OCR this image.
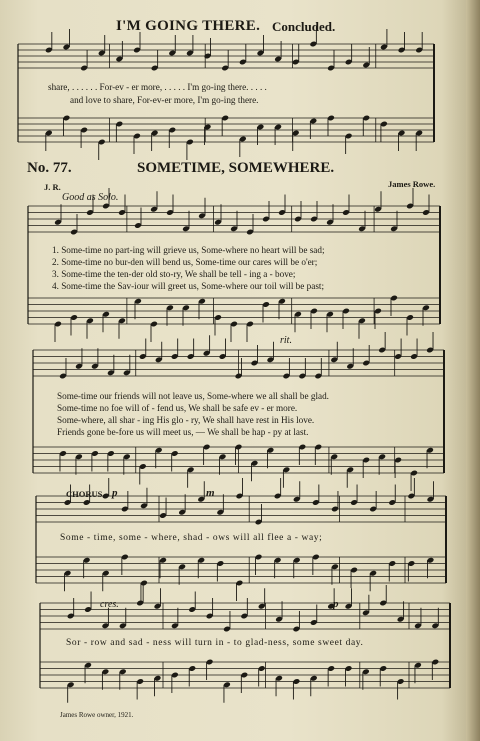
I'M GOING THERE. Concluded.
share, . . . . . . For-ev - er more, . . . . . I'm go-ing there. . . . .
and love to share, For-ev-er more, I'm go-ing there.
No. 77.	SOMETIME, SOMEWHERE.
J. R.	James Rowe.
Good as Solo.
1. Some-time no part-ing will grieve us, Some-where no heart will be sad;
2. Some-time no bur-den will bend us, Some-time our cares will be o'er;
3. Some-time the ten-der old sto-ry, We shall be tell - ing a - bove;
4. Some-time the Sav-iour will greet us, Some-where our toil will be past;
rit.
Some-time our friends will not leave us, Some-where we all shall be glad.
Some-time no foe will of - fend us, We shall be safe ev - er more.
Some-where, all shar - ing His glo - ry, We shall have rest in His love.
Friends gone be-fore us will meet us, — We shall be hap - py at last.
CHORUS. p	m
Some - time, some - where, shad - ows will all flee a - way;
cres.	p
Sor - row and sad - ness will turn in - to glad-ness, some sweet day.
James Rowe owner, 1921.
